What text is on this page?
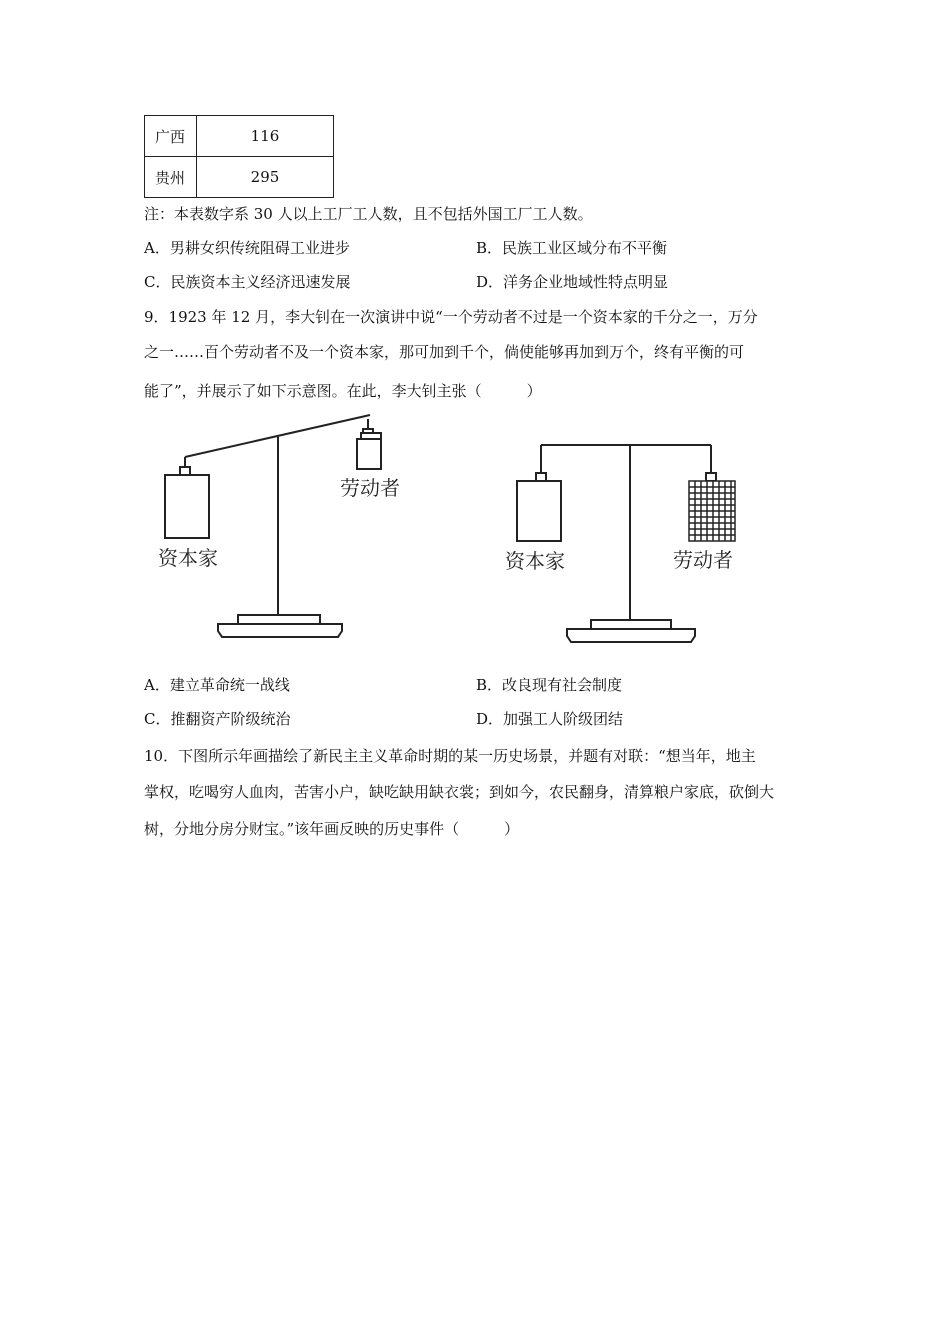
广西	116
贵州	295
注：本表数字系 30 人以上工厂工人数，且不包括外国工厂工人数。
A．男耕女织传统阻碍工业进步	B．民族工业区域分布不平衡
C．民族资本主义经济迅速发展	D．洋务企业地域性特点明显
9．1923 年 12 月，李大钊在一次演讲中说“一个劳动者不过是一个资本家的千分之一，万分
之一……百个劳动者不及一个资本家，那可加到千个，倘使能够再加到万个，终有平衡的可
能了”，并展示了如下示意图。在此，李大钊主张（　　　）
资本家
劳动者
资本家	劳动者
A．建立革命统一战线	B．改良现有社会制度
C．推翻资产阶级统治	D．加强工人阶级团结
10．下图所示年画描绘了新民主主义革命时期的某一历史场景，并题有对联：“想当年，地主
掌权，吃喝穷人血肉，苦害小户，缺吃缺用缺衣裳；到如今，农民翻身，清算粮户家底，砍倒大
树，分地分房分财宝。”该年画反映的历史事件（　　　）
